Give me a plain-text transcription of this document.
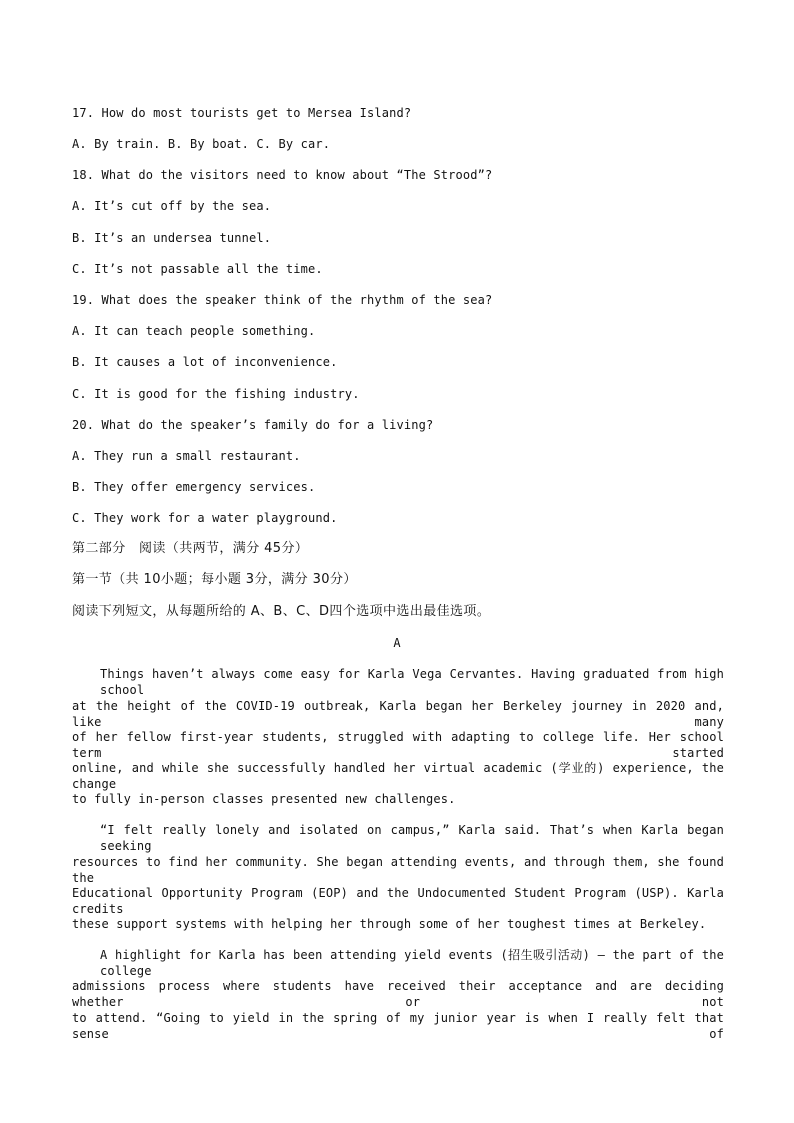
17. How do most tourists get to Mersea Island?
A. By train. B. By boat. C. By car.
18. What do the visitors need to know about “The Strood”?
A. It’s cut off by the sea.
B. It’s an undersea tunnel.
C. It’s not passable all the time.
19. What does the speaker think of the rhythm of the sea?
A. It can teach people something.
B. It causes a lot of inconvenience.
C. It is good for the fishing industry.
20. What do the speaker’s family do for a living?
A. They run a small restaurant.
B. They offer emergency services.
C. They work for a water playground.
第二部分　阅读（共两节，满分 45分）
第一节（共 10小题；每小题 3分，满分 30分）
阅读下列短文，从每题所给的 A、B、C、D四个选项中选出最佳选项。
A
Things haven’t always come easy for Karla Vega Cervantes. Having graduated from high school
at the height of the COVID-19 outbreak, Karla began her Berkeley journey in 2020 and, like many
of her fellow first-year students, struggled with adapting to college life. Her school term started
online, and while she successfully handled her virtual academic (学业的) experience, the change
to fully in-person classes presented new challenges.
“I felt really lonely and isolated on campus,” Karla said. That’s when Karla began seeking
resources to find her community. She began attending events, and through them, she found the
Educational Opportunity Program (EOP) and the Undocumented Student Program (USP). Karla credits
these support systems with helping her through some of her toughest times at Berkeley.
A highlight for Karla has been attending yield events (招生吸引活动) — the part of the college
admissions process where students have received their acceptance and are deciding whether or not
to attend. “Going to yield in the spring of my junior year is when I really felt that sense of
